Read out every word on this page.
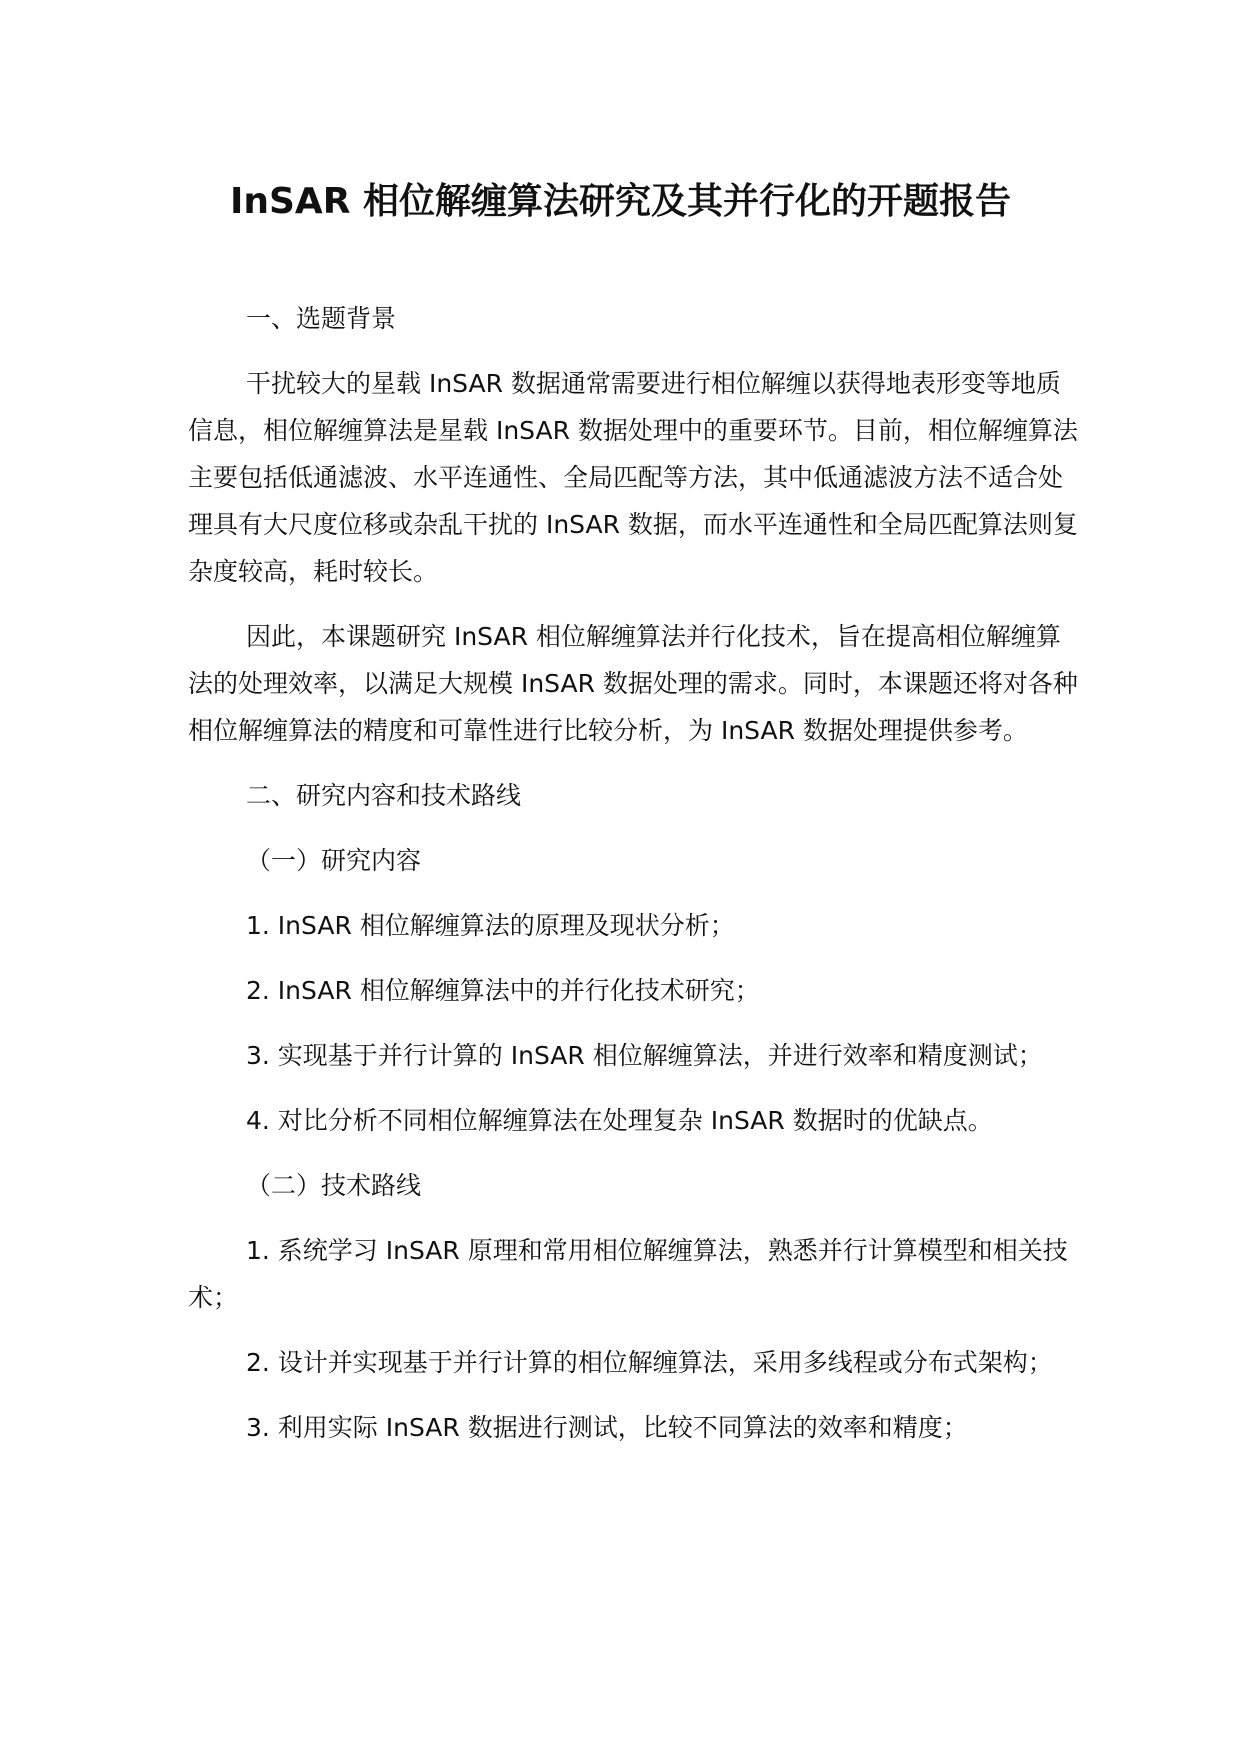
InSAR 相位解缠算法研究及其并行化的开题报告

一、选题背景

干扰较大的星载 InSAR 数据通常需要进行相位解缠以获得地表形变等地质信息，相位解缠算法是星载 InSAR 数据处理中的重要环节。目前，相位解缠算法主要包括低通滤波、水平连通性、全局匹配等方法，其中低通滤波方法不适合处理具有大尺度位移或杂乱干扰的 InSAR 数据，而水平连通性和全局匹配算法则复杂度较高，耗时较长。

因此，本课题研究 InSAR 相位解缠算法并行化技术，旨在提高相位解缠算法的处理效率，以满足大规模 InSAR 数据处理的需求。同时，本课题还将对各种相位解缠算法的精度和可靠性进行比较分析，为 InSAR 数据处理提供参考。

二、研究内容和技术路线

（一）研究内容

1. InSAR 相位解缠算法的原理及现状分析；

2. InSAR 相位解缠算法中的并行化技术研究；

3. 实现基于并行计算的 InSAR 相位解缠算法，并进行效率和精度测试；

4. 对比分析不同相位解缠算法在处理复杂 InSAR 数据时的优缺点。

（二）技术路线

1. 系统学习 InSAR 原理和常用相位解缠算法，熟悉并行计算模型和相关技术；

2. 设计并实现基于并行计算的相位解缠算法，采用多线程或分布式架构；

3. 利用实际 InSAR 数据进行测试，比较不同算法的效率和精度；
